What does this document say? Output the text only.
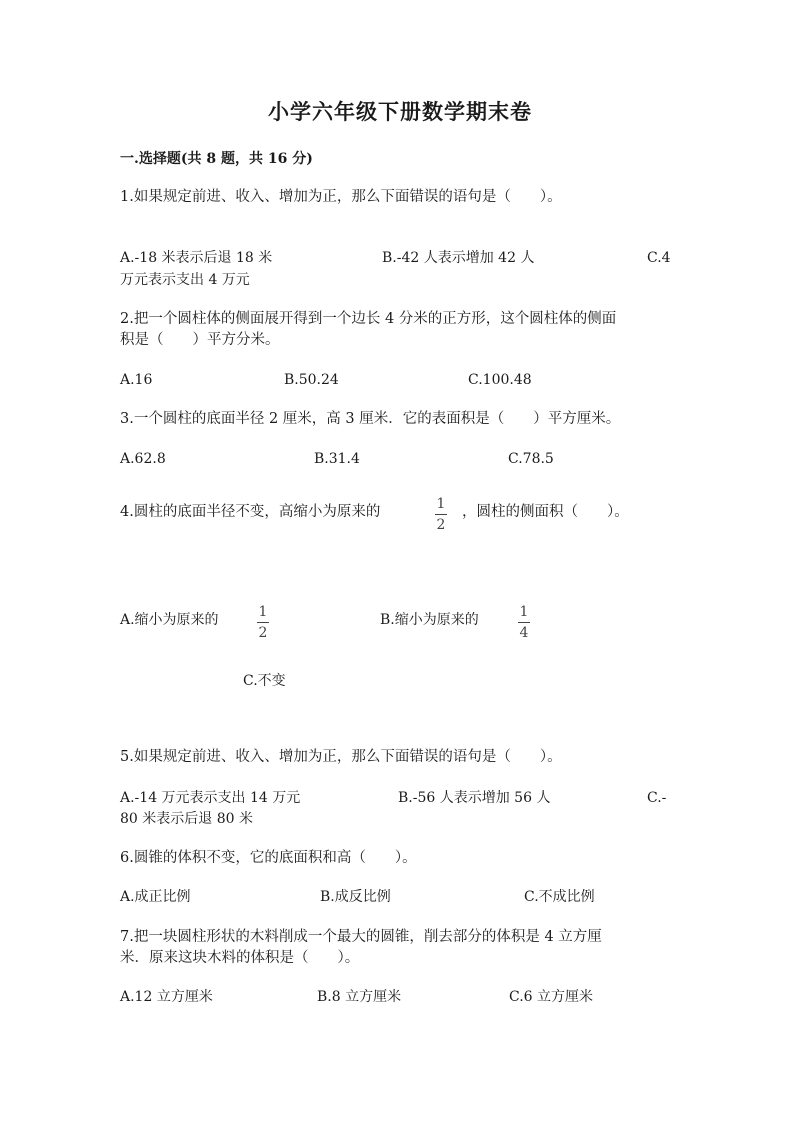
小学六年级下册数学期末卷
一.选择题(共 8 题，共 16 分)
1.如果规定前进、收入、增加为正，那么下面错误的语句是（　　）。
A.-18 米表示后退 18 米	B.-42 人表示增加 42 人	C.4
万元表示支出 4 万元
2.把一个圆柱体的侧面展开得到一个边长 4 分米的正方形，这个圆柱体的侧面
积是（　　）平方分米。
A.16	B.50.24	C.100.48
3.一个圆柱的底面半径 2 厘米，高 3 厘米．它的表面积是（　　）平方厘米。
A.62.8	B.31.4	C.78.5
4.圆柱的底面半径不变，高缩小为原来的	1
2
，圆柱的侧面积（　　）。
A.缩小为原来的	1
2
B.缩小为原来的	1
4
C.不变
5.如果规定前进、收入、增加为正，那么下面错误的语句是（　　）。
A.-14 万元表示支出 14 万元	B.-56 人表示增加 56 人	C.-
80 米表示后退 80 米
6.圆锥的体积不变，它的底面积和高（　　）。
A.成正比例	B.成反比例	C.不成比例
7.把一块圆柱形状的木料削成一个最大的圆锥，削去部分的体积是 4 立方厘
米．原来这块木料的体积是（　　）。
A.12 立方厘米	B.8 立方厘米	C.6 立方厘米
